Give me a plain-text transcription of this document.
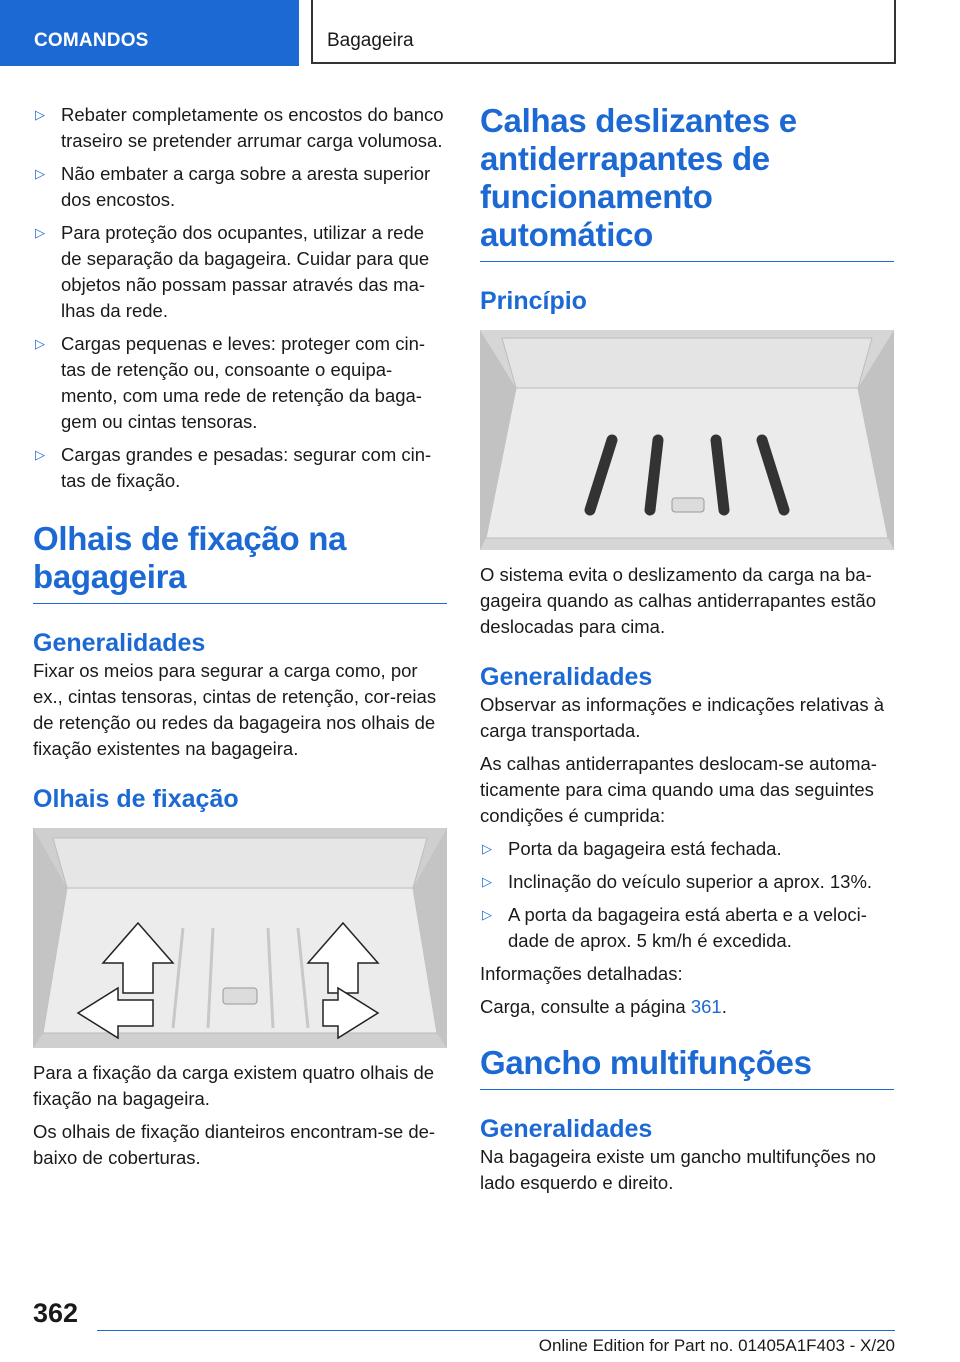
COMANDOS	Bagageira
▷ Rebater completamente os encostos do banco traseiro se pretender arrumar carga volumosa.
▷ Não embater a carga sobre a aresta superior dos encostos.
▷ Para proteção dos ocupantes, utilizar a rede de separação da bagageira. Cuidar para que objetos não possam passar através das ma-lhas da rede.
▷ Cargas pequenas e leves: proteger com cin-tas de retenção ou, consoante o equipa-mento, com uma rede de retenção da baga-gem ou cintas tensoras.
▷ Cargas grandes e pesadas: segurar com cin-tas de fixação.
Olhais de fixação na bagageira
Generalidades

Fixar os meios para segurar a carga como, por ex., cintas tensoras, cintas de retenção, cor-reias de retenção ou redes da bagageira nos olhais de fixação existentes na bagageira.

Olhais de fixação

Para a fixação da carga existem quatro olhais de fixação na bagageira.

Os olhais de fixação dianteiros encontram-se de-baixo de coberturas.

Calhas deslizantes e antiderrapantes de funcionamento automático
Princípio

O sistema evita o deslizamento da carga na ba-gageira quando as calhas antiderrapantes estão deslocadas para cima.

Generalidades

Observar as informações e indicações relativas à carga transportada.

As calhas antiderrapantes deslocam-se automa-ticamente para cima quando uma das seguintes condições é cumprida:

▷ Porta da bagageira está fechada.
▷ Inclinação do veículo superior a aprox. 13%.
▷ A porta da bagageira está aberta e a veloci-dade de aprox. 5 km/h é excedida.

Informações detalhadas:

Carga, consulte a página 361.

Gancho multifunções
Generalidades

Na bagageira existe um gancho multifunções no lado esquerdo e direito.

362
Online Edition for Part no. 01405A1F403 - X/20
